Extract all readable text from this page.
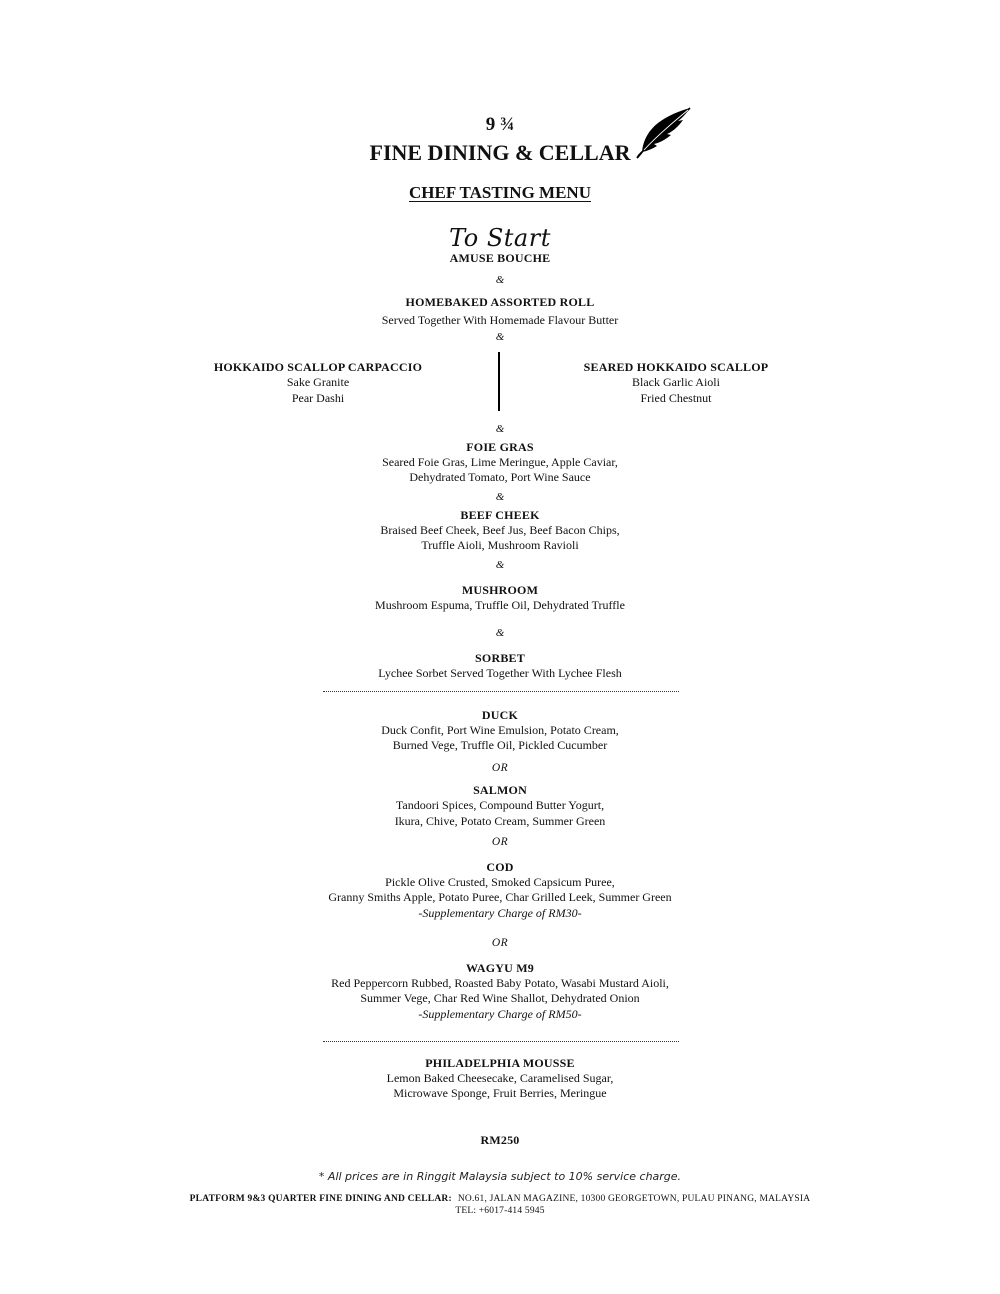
9 ¾
FINE DINING & CELLAR
CHEF TASTING MENU
To Start
AMUSE BOUCHE
&
HOMEBAKED ASSORTED ROLL
Served Together With Homemade Flavour Butter
&
HOKKAIDO SCALLOP CARPACCIO
Sake Granite
Pear Dashi
SEARED HOKKAIDO SCALLOP
Black Garlic Aioli
Fried Chestnut
&
FOIE GRAS
Seared Foie Gras, Lime Meringue, Apple Caviar,
Dehydrated Tomato, Port Wine Sauce
&
BEEF CHEEK
Braised Beef Cheek, Beef Jus, Beef Bacon Chips,
Truffle Aioli, Mushroom Ravioli
&
MUSHROOM
Mushroom Espuma, Truffle Oil, Dehydrated Truffle
&
SORBET
Lychee Sorbet Served Together With Lychee Flesh
DUCK
Duck Confit, Port Wine Emulsion, Potato Cream,
Burned Vege, Truffle Oil, Pickled Cucumber
OR
SALMON
Tandoori Spices, Compound Butter Yogurt,
Ikura, Chive, Potato Cream, Summer Green
OR
COD
Pickle Olive Crusted, Smoked Capsicum Puree,
Granny Smiths Apple, Potato Puree, Char Grilled Leek, Summer Green
-Supplementary Charge of RM30-
OR
WAGYU M9
Red Peppercorn Rubbed, Roasted Baby Potato, Wasabi Mustard Aioli,
Summer Vege, Char Red Wine Shallot, Dehydrated Onion
-Supplementary Charge of RM50-
PHILADELPHIA MOUSSE
Lemon Baked Cheesecake, Caramelised Sugar,
Microwave Sponge, Fruit Berries, Meringue
RM250
* All prices are in Ringgit Malaysia subject to 10% service charge.
PLATFORM 9&3 QUARTER FINE DINING AND CELLAR: NO.61, JALAN MAGAZINE, 10300 GEORGETOWN, PULAU PINANG, MALAYSIA
TEL: +6017-414 5945
